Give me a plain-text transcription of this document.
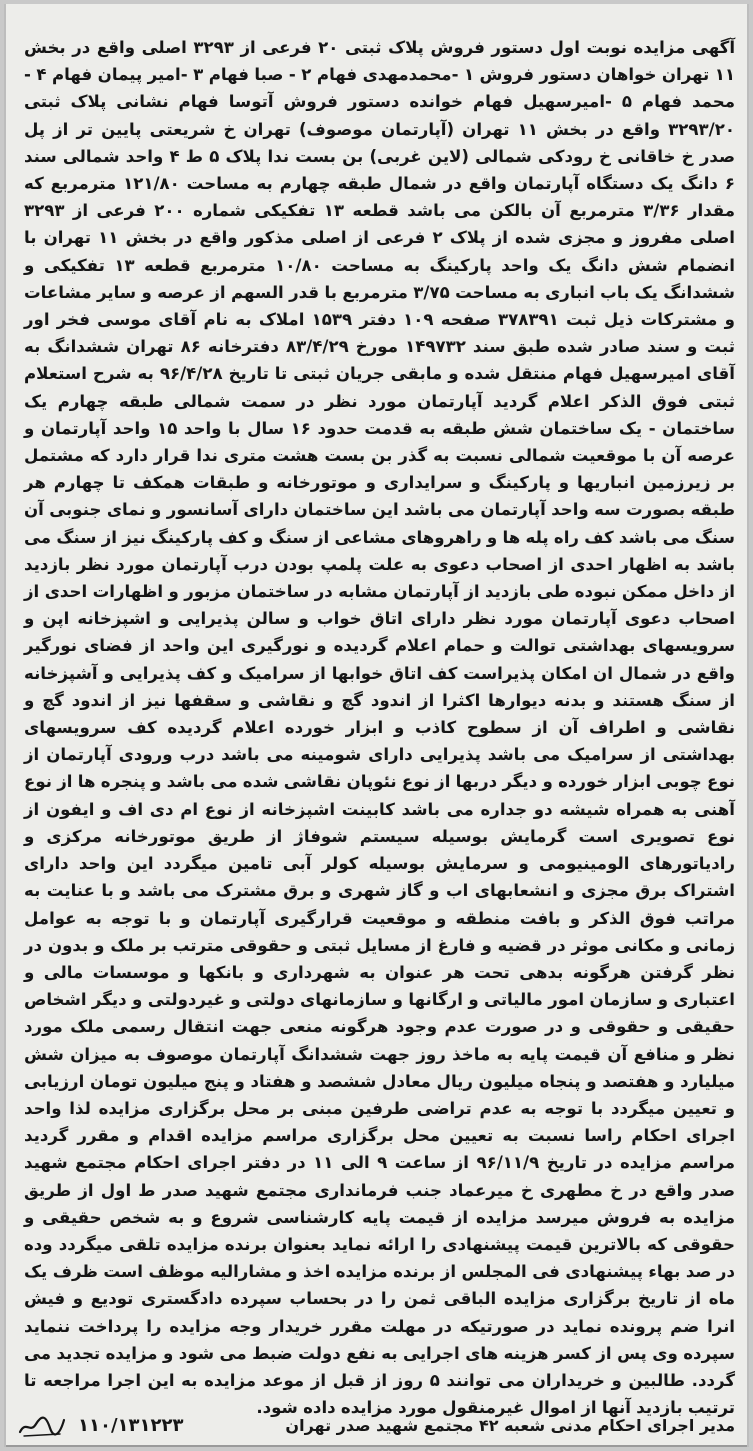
آگهی مزایده نوبت اول دستور فروش پلاک ثبتی ۲۰ فرعی از ۳۲۹۳ اصلی واقع در بخش ۱۱ تهران خواهان دستور فروش ۱ -محمدمهدی فهام ۲ - صبا فهام ۳ -امیر پیمان فهام ۴ - محمد فهام ۵ -امیرسهیل فهام خوانده دستور فروش آتوسا فهام نشانی پلاک ثبتی ۳۲۹۳/۲۰ واقع در بخش ۱۱ تهران (آپارتمان موصوف) تهران خ شریعتی پایین تر از پل صدر خ خاقانی خ رودکی شمالی (لاین غربی) بن بست ندا پلاک ۵ ط ۴ واحد شمالی سند ۶ دانگ یک دستگاه آپارتمان واقع در شمال طبقه چهارم به مساحت ۱۲۱/۸۰ مترمربع که مقدار ۳/۳۶ مترمربع آن بالکن می باشد قطعه ۱۳ تفکیکی شماره ۲۰۰ فرعی از ۳۲۹۳ اصلی مفروز و مجزی شده از پلاک ۲ فرعی از اصلی مذکور واقع در بخش ۱۱ تهران با انضمام شش دانگ یک واحد پارکینگ به مساحت ۱۰/۸۰ مترمربع قطعه ۱۳ تفکیکی و ششدانگ یک باب انباری به مساحت ۳/۷۵ مترمربع با قدر السهم از عرصه و سایر مشاعات و مشترکات ذیل ثبت ۳۷۸۳۹۱ صفحه ۱۰۹ دفتر ۱۵۳۹ املاک به نام آقای موسی فخر اور ثبت و سند صادر شده طبق سند ۱۴۹۷۳۲ مورخ ۸۳/۴/۲۹ دفترخانه ۸۶ تهران ششدانگ به آقای امیرسهیل فهام منتقل شده و مابقی جریان ثبتی تا تاریخ ۹۶/۴/۲۸ به شرح استعلام ثبتی فوق الذکر اعلام گردید آپارتمان مورد نظر در سمت شمالی طبقه چهارم یک ساختمان - یک ساختمان شش طبقه به قدمت حدود ۱۶ سال با واحد ۱۵ واحد آپارتمان و عرصه آن با موقعیت شمالی نسبت به گذر بن بست هشت متری ندا قرار دارد که مشتمل بر زیرزمین انباریها و پارکینگ و سرایداری و موتورخانه و طبقات همکف تا چهارم هر طبقه بصورت سه واحد آپارتمان می باشد این ساختمان دارای آسانسور و نمای جنوبی آن سنگ می باشد کف راه پله ها و راهروهای مشاعی از سنگ و کف پارکینگ نیز از سنگ می باشد به اظهار احدی از اصحاب دعوی به علت پلمپ بودن درب آپارتمان مورد نظر بازدید از داخل ممکن نبوده طی بازدید از آپارتمان مشابه در ساختمان مزبور و اظهارات احدی از اصحاب دعوی آپارتمان مورد نظر دارای اتاق خواب و سالن پذیرایی و اشپزخانه اپن و سرویسهای بهداشتی توالت و حمام اعلام گردیده و نورگیری این واحد از فضای نورگیر واقع در شمال ان امکان پذیراست کف اتاق خوابها از سرامیک و کف پذیرایی و آشپزخانه از سنگ هستند و بدنه دیوارها اکثرا از اندود گچ و نقاشی و سقفها نیز از اندود گچ و نقاشی و اطراف آن از سطوح کاذب و ابزار خورده اعلام گردیده کف سرویسهای بهداشتی از سرامیک می باشد پذیرایی دارای شومینه می باشد درب ورودی آپارتمان از نوع چوبی ابزار خورده و دیگر دربها از نوع نئوپان نقاشی شده می باشد و پنجره ها از نوع آهنی به همراه شیشه دو جداره می باشد کابینت اشپزخانه از نوع ام دی اف و ایفون از نوع تصویری است گرمایش بوسیله سیستم شوفاژ از طریق موتورخانه مرکزی و رادیاتورهای الومینیومی و سرمایش بوسیله کولر آبی تامین میگردد این واحد دارای اشتراک برق مجزی و انشعابهای اب و گاز شهری و برق مشترک می باشد و با عنایت به مراتب فوق الذکر و بافت منطقه و موقعیت قرارگیری آپارتمان و با توجه به عوامل زمانی و مکانی موثر در قضیه و فارغ از مسایل ثبتی و حقوقی مترتب بر ملک و بدون در نظر گرفتن هرگونه بدهی تحت هر عنوان به شهرداری و بانکها و موسسات مالی و اعتباری و سازمان امور مالیاتی و ارگانها و سازمانهای دولتی و غیردولتی و دیگر اشخاص حقیقی و حقوقی و در صورت عدم وجود هرگونه منعی جهت انتقال رسمی ملک مورد نظر و منافع آن قیمت پایه به ماخذ روز جهت ششدانگ آپارتمان موصوف به میزان شش میلیارد و هفتصد و پنجاه میلیون ریال معادل ششصد و هفتاد و پنج میلیون تومان ارزیابی و تعیین میگردد با توجه به عدم تراضی طرفین مبنی بر محل برگزاری مزایده لذا واحد اجرای احکام راسا نسبت به تعیین محل برگزاری مراسم مزایده اقدام و مقرر گردید مراسم مزایده در تاریخ ۹۶/۱۱/۹ از ساعت ۹ الی ۱۱ در دفتر اجرای احکام مجتمع شهید صدر واقع در خ مطهری خ میرعماد جنب فرمانداری مجتمع شهید صدر ط اول از طریق مزایده به فروش میرسد مزایده از قیمت پایه کارشناسی شروع و به شخص حقیقی و حقوقی که بالاترین قیمت پیشنهادی را ارائه نماید بعنوان برنده مزایده تلقی میگردد وده در صد بهاء پیشنهادی فی المجلس از برنده مزایده اخذ و مشارالیه موظف است ظرف یک ماه از تاریخ برگزاری مزایده الباقی ثمن را در بحساب سپرده دادگستری تودیع و فیش انرا ضم پرونده نماید در صورتیکه در مهلت مقرر خریدار وجه مزایده را پرداخت ننماید سپرده وی پس از کسر هزینه های اجرایی به نفع دولت ضبط می شود و مزایده تجدید می گردد. طالبین و خریداران می توانند ۵ روز از قبل از موعد مزایده به این اجرا مراجعه تا ترتیب بازدید آنها از اموال غیرمنقول مورد مزایده داده شود.
مدیر اجرای احکام مدنی شعبه ۴۲ مجتمع شهید صدر تهران
۱۱۰/۱۳۱۲۲۳
